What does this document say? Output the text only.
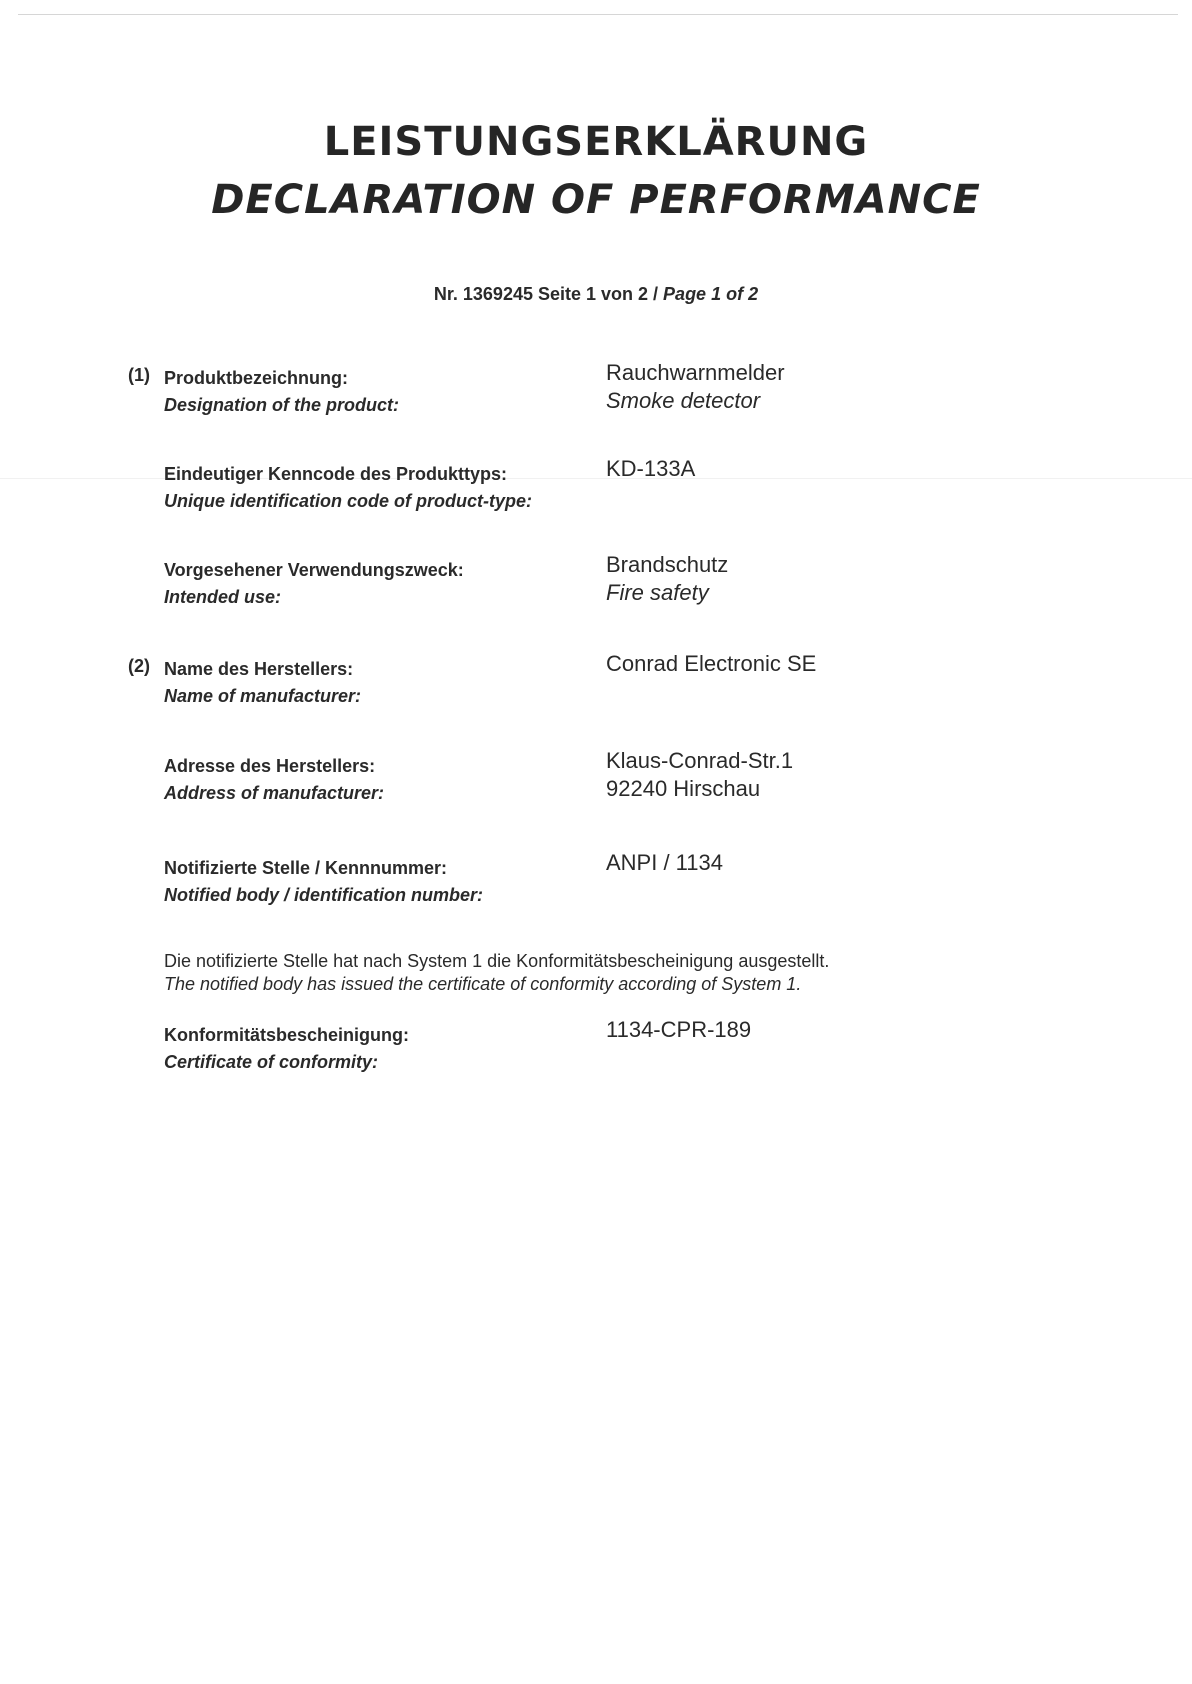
LEISTUNGSERKLÄRUNG
DECLARATION OF PERFORMANCE
Nr. 1369245 Seite 1 von 2 / Page 1 of 2
(1) Produktbezeichnung:
Designation of the product:
Rauchwarnmelder
Smoke detector
Eindeutiger Kenncode des Produkttyps:
Unique identification code of product-type:
KD-133A
Vorgesehener Verwendungszweck:
Intended use:
Brandschutz
Fire safety
(2) Name des Herstellers:
Name of manufacturer:
Conrad Electronic SE
Adresse des Herstellers:
Address of manufacturer:
Klaus-Conrad-Str.1
92240 Hirschau
Notifizierte Stelle / Kennnummer:
Notified body / identification number:
ANPI / 1134
Die notifizierte Stelle hat nach System 1 die Konformitätsbescheinigung ausgestellt.
The notified body has issued the certificate of conformity according of System 1.
Konformitätsbescheinigung:
Certificate of conformity:
1134-CPR-189
